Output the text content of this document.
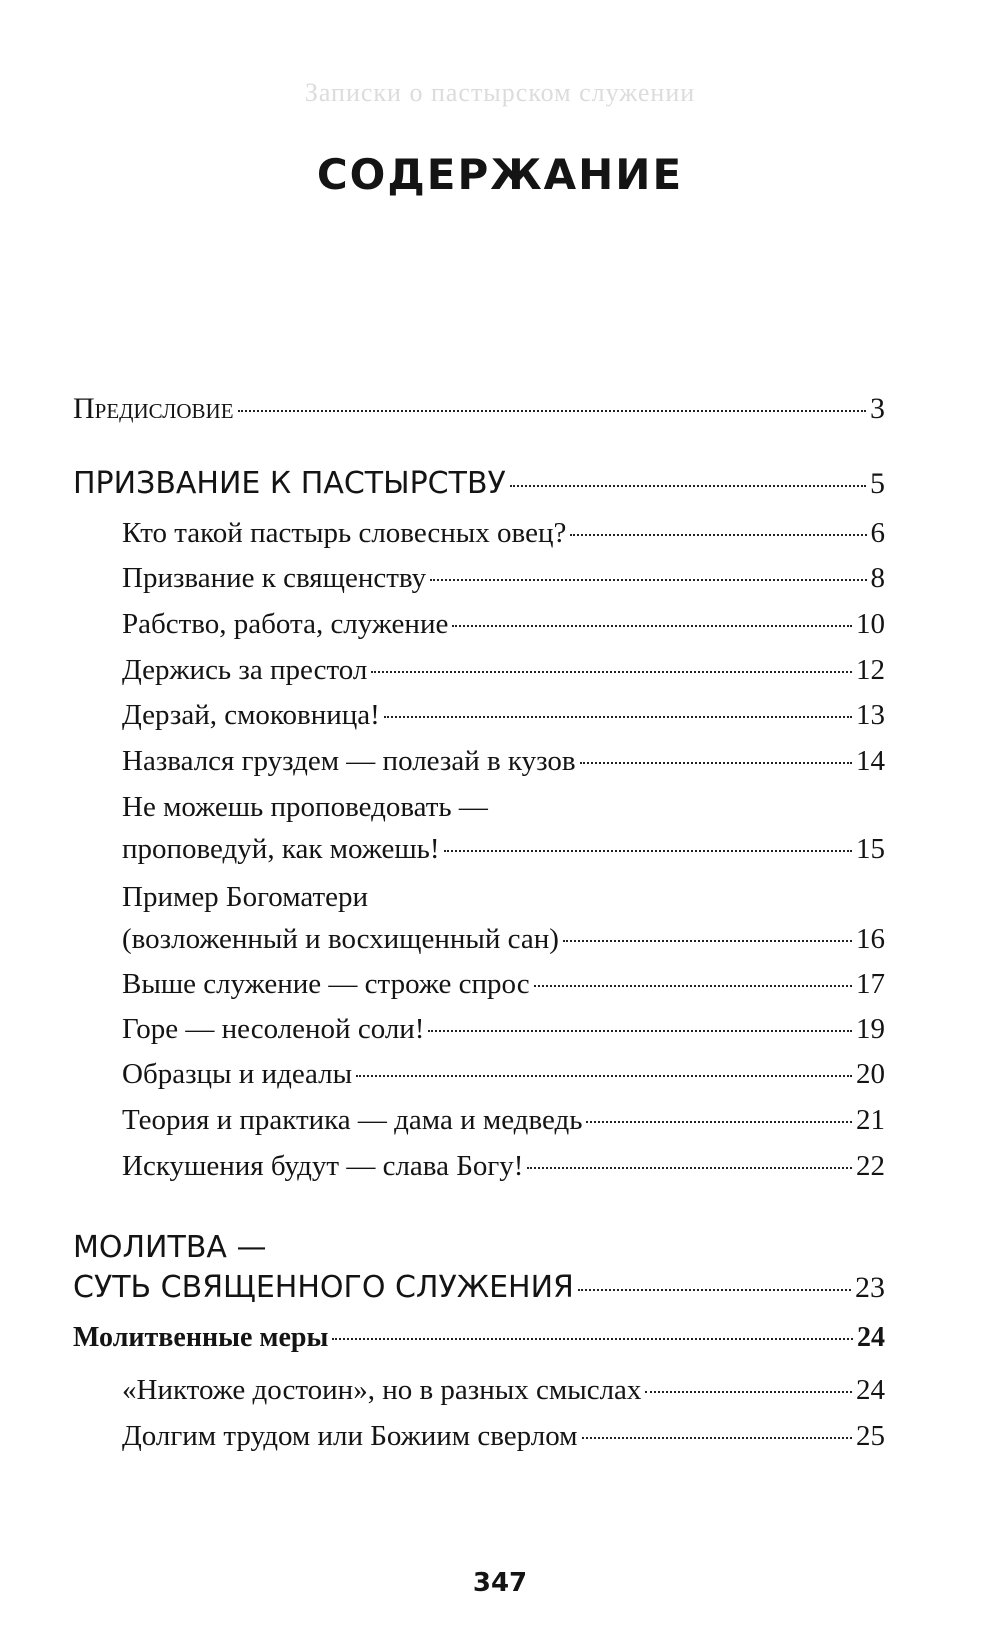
Записки о пастырском служении
СОДЕРЖАНИЕ
Предисловие	3
ПРИЗВАНИЕ К ПАСТЫРСТВУ	5
Кто такой пастырь словесных овец?	6
Призвание к священству	8
Рабство, работа, служение	10
Держись за престол	12
Дерзай, смоковница!	13
Назвался груздем — полезай в кузов	14
Не можешь проповедовать —
проповедуй, как можешь!	15
Пример Богоматери
(возложенный и восхищенный сан)	16
Выше служение — строже спрос	17
Горе — несоленой соли!	19
Образцы и идеалы	20
Теория и практика — дама и медведь	21
Искушения будут — слава Богу!	22
МОЛИТВА —
СУТЬ СВЯЩЕННОГО СЛУЖЕНИЯ	23
Молитвенные меры	24
«Никтоже достоин», но в разных смыслах	24
Долгим трудом или Божиим сверлом	25
347
